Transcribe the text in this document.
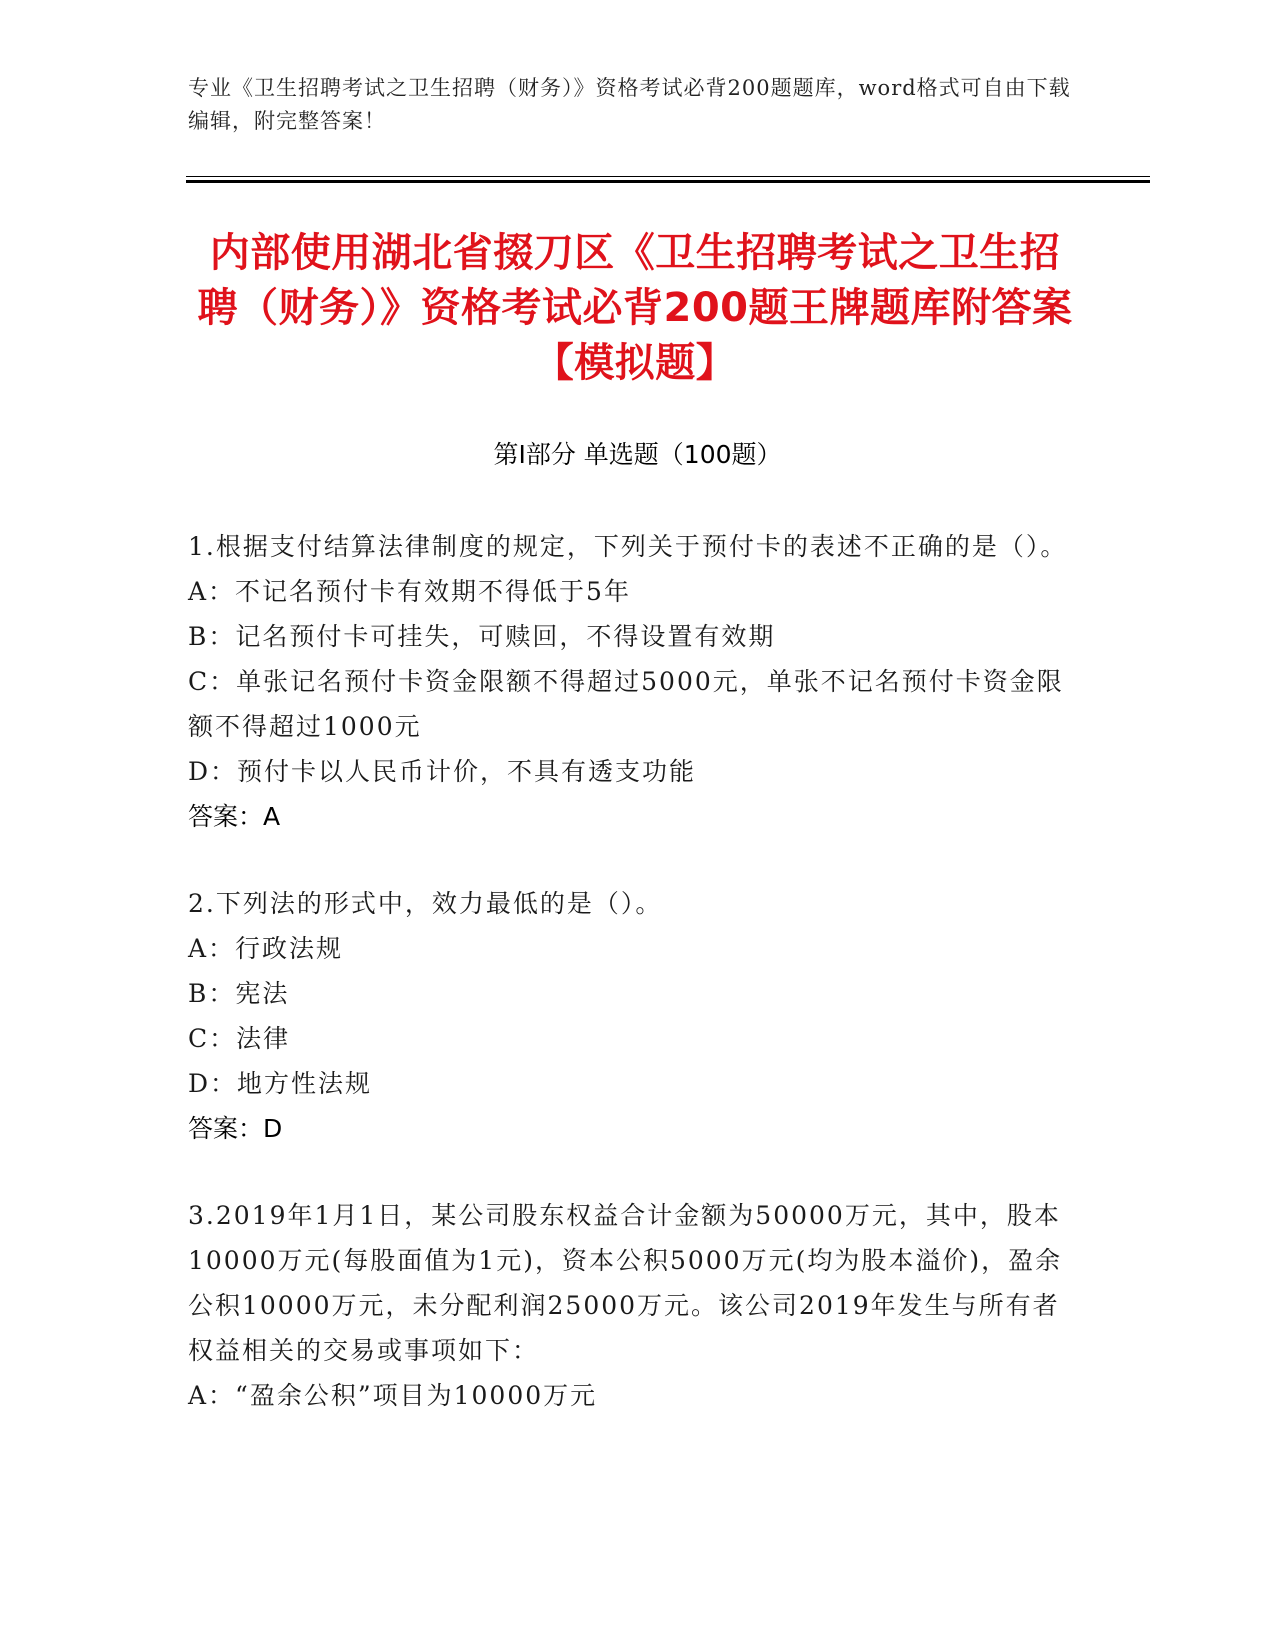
专业《卫生招聘考试之卫生招聘（财务）》资格考试必背200题题库，word格式可自由下载编辑，附完整答案！
内部使用湖北省掇刀区《卫生招聘考试之卫生招聘（财务）》资格考试必背200题王牌题库附答案【模拟题】
第Ⅰ部分 单选题（100题）
1.根据支付结算法律制度的规定，下列关于预付卡的表述不正确的是（）。
A：不记名预付卡有效期不得低于5年
B：记名预付卡可挂失，可赎回，不得设置有效期
C：单张记名预付卡资金限额不得超过5000元，单张不记名预付卡资金限额不得超过1000元
D：预付卡以人民币计价，不具有透支功能
答案：A
2.下列法的形式中，效力最低的是（）。
A：行政法规
B：宪法
C：法律
D：地方性法规
答案：D
3.2019年1月1日，某公司股东权益合计金额为50000万元，其中，股本10000万元(每股面值为1元)，资本公积5000万元(均为股本溢价)，盈余公积10000万元，未分配利润25000万元。该公司2019年发生与所有者权益相关的交易或事项如下：
A：“盈余公积”项目为10000万元
